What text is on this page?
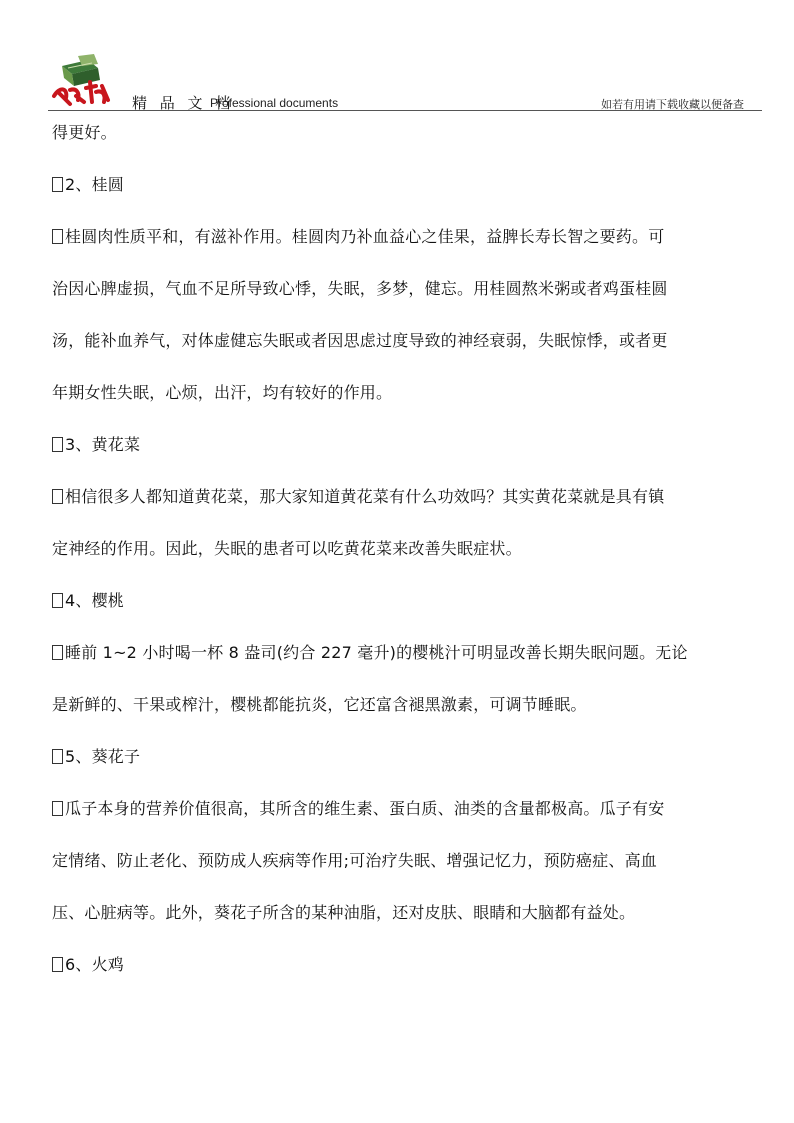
精 品 文 档
Professional documents	如若有用请下载收藏以便备查

得更好。

2、桂圆

桂圆肉性质平和，有滋补作用。桂圆肉乃补血益心之佳果，益脾长寿长智之要药。可

治因心脾虚损，气血不足所导致心悸，失眠，多梦，健忘。用桂圆熬米粥或者鸡蛋桂圆

汤，能补血养气，对体虚健忘失眠或者因思虑过度导致的神经衰弱，失眠惊悸，或者更

年期女性失眠，心烦，出汗，均有较好的作用。

3、黄花菜

相信很多人都知道黄花菜，那大家知道黄花菜有什么功效吗？其实黄花菜就是具有镇

定神经的作用。因此，失眠的患者可以吃黄花菜来改善失眠症状。

4、樱桃

睡前 1~2 小时喝一杯 8 盎司(约合 227 毫升)的樱桃汁可明显改善长期失眠问题。无论

是新鲜的、干果或榨汁，樱桃都能抗炎，它还富含褪黑激素，可调节睡眠。

5、葵花子

瓜子本身的营养价值很高，其所含的维生素、蛋白质、油类的含量都极高。瓜子有安

定情绪、防止老化、预防成人疾病等作用;可治疗失眠、增强记忆力，预防癌症、高血

压、心脏病等。此外，葵花子所含的某种油脂，还对皮肤、眼睛和大脑都有益处。

6、火鸡
